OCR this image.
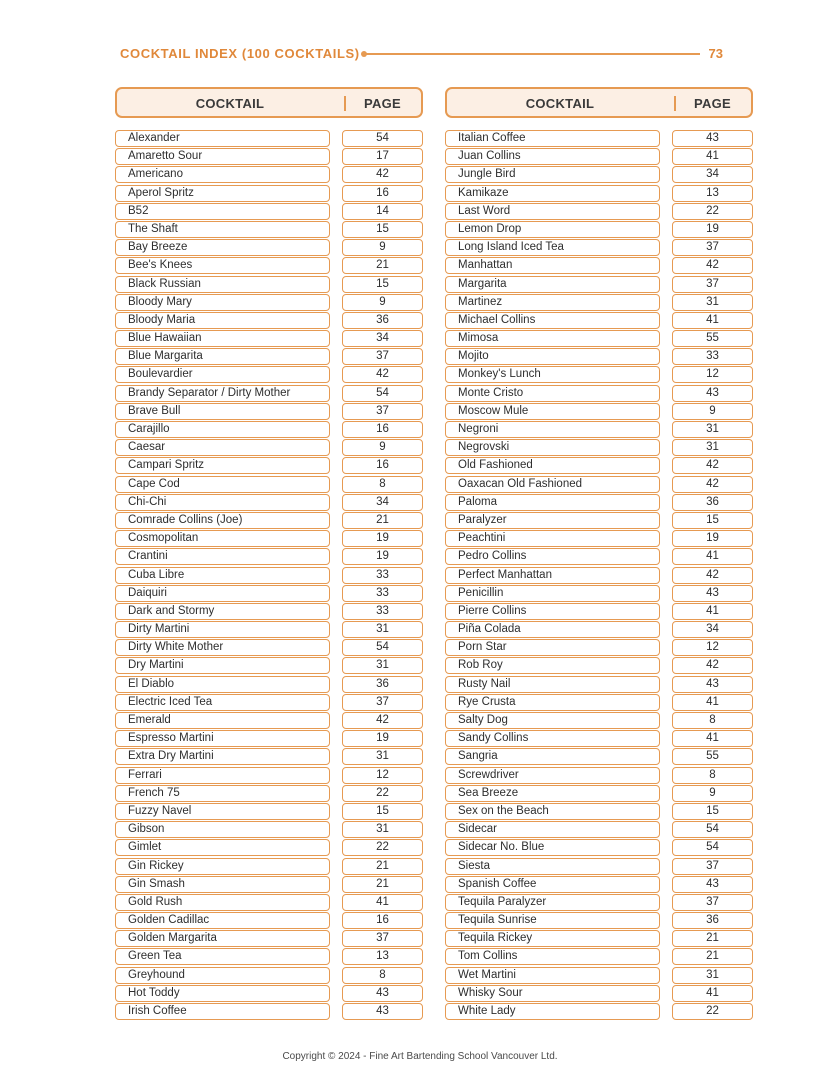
COCKTAIL INDEX (100 COCKTAILS)	73
COCKTAIL	PAGE
Alexander	54
Amaretto Sour	17
Americano	42
Aperol Spritz	16
B52	14
The Shaft	15
Bay Breeze	9
Bee's Knees	21
Black Russian	15
Bloody Mary	9
Bloody Maria	36
Blue Hawaiian	34
Blue Margarita	37
Boulevardier	42
Brandy Separator / Dirty Mother	54
Brave Bull	37
Carajillo	16
Caesar	9
Campari Spritz	16
Cape Cod	8
Chi-Chi	34
Comrade Collins (Joe)	21
Cosmopolitan	19
Crantini	19
Cuba Libre	33
Daiquiri	33
Dark and Stormy	33
Dirty Martini	31
Dirty White Mother	54
Dry Martini	31
El Diablo	36
Electric Iced Tea	37
Emerald	42
Espresso Martini	19
Extra Dry Martini	31
Ferrari	12
French 75	22
Fuzzy Navel	15
Gibson	31
Gimlet	22
Gin Rickey	21
Gin Smash	21
Gold Rush	41
Golden Cadillac	16
Golden Margarita	37
Green Tea	13
Greyhound	8
Hot Toddy	43
Irish Coffee	43
COCKTAIL	PAGE
Italian Coffee	43
Juan Collins	41
Jungle Bird	34
Kamikaze	13
Last Word	22
Lemon Drop	19
Long Island Iced Tea	37
Manhattan	42
Margarita	37
Martinez	31
Michael Collins	41
Mimosa	55
Mojito	33
Monkey's Lunch	12
Monte Cristo	43
Moscow Mule	9
Negroni	31
Negrovski	31
Old Fashioned	42
Oaxacan Old Fashioned	42
Paloma	36
Paralyzer	15
Peachtini	19
Pedro Collins	41
Perfect Manhattan	42
Penicillin	43
Pierre Collins	41
Piña Colada	34
Porn Star	12
Rob Roy	42
Rusty Nail	43
Rye Crusta	41
Salty Dog	8
Sandy Collins	41
Sangria	55
Screwdriver	8
Sea Breeze	9
Sex on the Beach	15
Sidecar	54
Sidecar No. Blue	54
Siesta	37
Spanish Coffee	43
Tequila Paralyzer	37
Tequila Sunrise	36
Tequila Rickey	21
Tom Collins	21
Wet Martini	31
Whisky Sour	41
White Lady	22
Copyright © 2024 - Fine Art Bartending School Vancouver Ltd.
